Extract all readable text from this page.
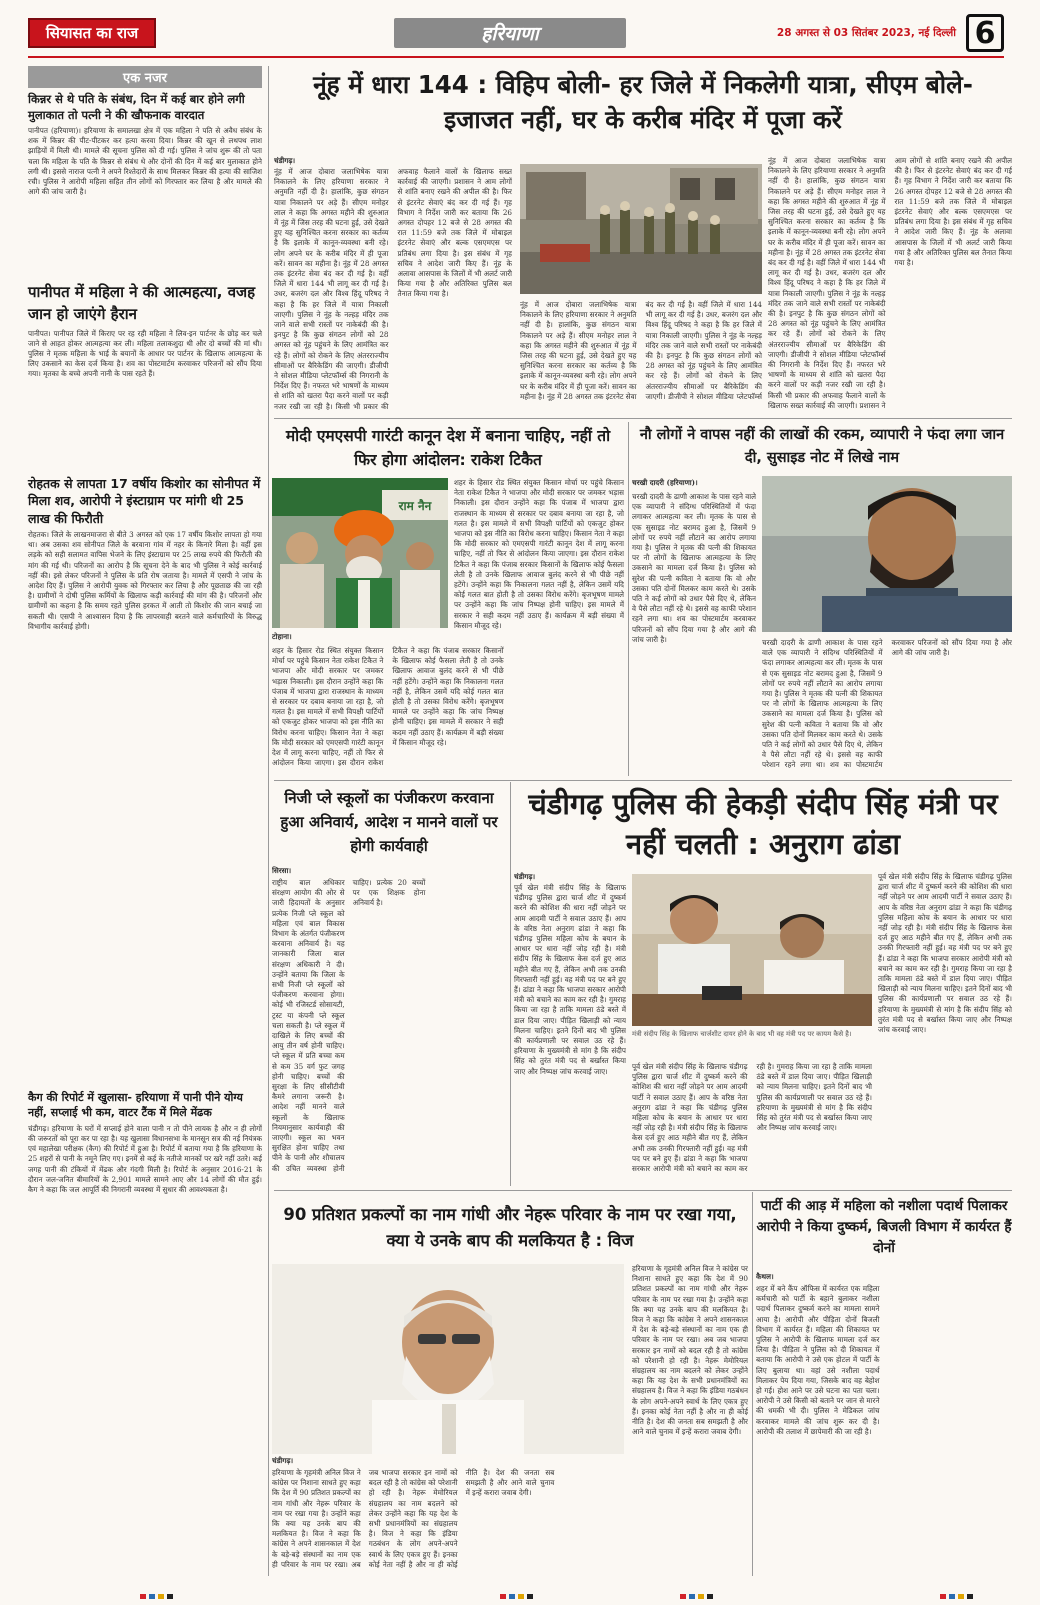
सियासत का राज	हरियाणा	28 अगस्त से 03 सितंबर 2023, नई दिल्ली 6
एक नजर
किन्नर से थे पति के संबंध, दिन में कई बार होने लगी मुलाकात तो पत्नी ने की खौफनाक वारदात
पानीपत (हरियाणा)। हरियाणा के समालखा क्षेत्र में एक महिला ने पति से अवैध संबंध के शक में किन्नर की पीट-पीटकर कर हत्या करवा दिया। किन्नर की खून से लथपथ लाश झाड़ियों में मिली थी। मामले की सूचना पुलिस को दी गई। पुलिस ने जांच शुरू की तो पता चला कि महिला के पति के किन्नर से संबंध थे और दोनों की दिन में कई बार मुलाकात होने लगी थी। इससे नाराज पत्नी ने अपने रिश्तेदारों के साथ मिलकर किन्नर की हत्या की साजिश रची। पुलिस ने आरोपी महिला सहित तीन लोगों को गिरफ्तार कर लिया है और मामले की आगे की जांच जारी है।
पानीपत में महिला ने की आत्महत्या, वजह जान हो जाएंगे हैरान
पानीपत। पानीपत जिले में किराए पर रह रही महिला ने लिव-इन पार्टनर के छोड़ कर चले जाने से आहत होकर आत्महत्या कर ली। महिला तलाकशुदा थी और दो बच्चों की मां थी। पुलिस ने मृतक महिला के भाई के बयानों के आधार पर पार्टनर के खिलाफ आत्महत्या के लिए उकसाने का केस दर्ज किया है। शव का पोस्टमार्टम करवाकर परिजनों को सौंप दिया गया। मृतका के बच्चे अपनी नानी के पास रहते हैं।
रोहतक से लापता 17 वर्षीय किशोर का सोनीपत में मिला शव, आरोपी ने इंस्टाग्राम पर मांगी थी 25 लाख की फिरौती
रोहतक। जिले के लाखनमाजरा से बीते 3 अगस्त को एक 17 वर्षीय किशोर लापता हो गया था। अब उसका शव सोनीपत जिले के बरवाना गांव में नहर के किनारे मिला है। वहीं इस लड़के को सही सलामत वापिस भेजने के लिए इंस्टाग्राम पर 25 लाख रुपये की फिरौती की मांग की गई थी। परिजनों का आरोप है कि सूचना देने के बाद भी पुलिस ने कोई कार्रवाई नहीं की। इसे लेकर परिजनों ने पुलिस के प्रति रोष जताया है। मामले में एसपी ने जांच के आदेश दिए हैं। पुलिस ने आरोपी युवक को गिरफ्तार कर लिया है और पूछताछ की जा रही है। ग्रामीणों ने दोषी पुलिस कर्मियों के खिलाफ कड़ी कार्रवाई की मांग की है। परिजनों और ग्रामीणों का कहना है कि समय रहते पुलिस हरकत में आती तो किशोर की जान बचाई जा सकती थी। एसपी ने आश्वासन दिया है कि लापरवाही बरतने वाले कर्मचारियों के विरुद्ध विभागीय कार्रवाई होगी।
कैग की रिपोर्ट में खुलासा- हरियाणा में पानी पीने योग्य नहीं, सप्लाई भी कम, वाटर टैंक में मिले मेंढक
चंडीगढ़। हरियाणा के घरों में सप्लाई होने वाला पानी न तो पीने लायक है और न ही लोगों की जरूरतों को पूरा कर पा रहा है। यह खुलासा विधानसभा के मानसून सत्र की नई नियंत्रक एवं महालेखा परीक्षक (कैग) की रिपोर्ट में हुआ है। रिपोर्ट में बताया गया है कि हरियाणा के 25 शहरों से पानी के नमूने लिए गए। इनमें से कई के नतीजे मानकों पर खरे नहीं उतरे। कई जगह पानी की टंकियों में मेंढक और गंदगी मिली है। रिपोर्ट के अनुसार 2016-21 के दौरान जल-जनित बीमारियों के 2,901 मामले सामने आए और 14 लोगों की मौत हुई। कैग ने कहा कि जल आपूर्ति की निगरानी व्यवस्था में सुधार की आवश्यकता है।
नूंह में धारा 144 : विहिप बोली- हर जिले में निकलेगी यात्रा, सीएम बोले- इजाजत नहीं, घर के करीब मंदिर में पूजा करें
चंडीगढ़।
नूंह में आज दोबारा जलाभिषेक यात्रा निकालने के लिए हरियाणा सरकार ने अनुमति नहीं दी है। हालांकि, कुछ संगठन यात्रा निकालने पर अड़े हैं। सीएम मनोहर लाल ने कहा कि अगस्त महीने की शुरुआत में नूंह में जिस तरह की घटना हुई, उसे देखते हुए यह सुनिश्चित करना सरकार का कर्तव्य है कि इलाके में कानून-व्यवस्था बनी रहे। लोग अपने घर के करीब मंदिर में ही पूजा करें। सावन का महीना है। नूंह में 28 अगस्त तक इंटरनेट सेवा बंद कर दी गई है। वहीं जिले में धारा 144 भी लागू कर दी गई है। उधर, बजरंग दल और विश्व हिंदू परिषद ने कहा है कि हर जिले में यात्रा निकाली जाएगी। पुलिस ने नूंह के नल्हड़ मंदिर तक जाने वाले सभी रास्तों पर नाकेबंदी की है। इनपुट है कि कुछ संगठन लोगों को 28 अगस्त को नूंह पहुंचने के लिए आमंत्रित कर रहे हैं। लोगों को रोकने के लिए अंतरराज्यीय सीमाओं पर बैरिकेडिंग की जाएगी। डीजीपी ने सोशल मीडिया प्लेटफॉर्म्स की निगरानी के निर्देश दिए हैं। नफरत भरे भाषणों के माध्यम से शांति को खतरा पैदा करने वालों पर कड़ी नजर रखी जा रही है। किसी भी प्रकार की अफवाह फैलाने वालों के खिलाफ सख्त कार्रवाई की जाएगी। प्रशासन ने आम लोगों से शांति बनाए रखने की अपील की है। फिर से इंटरनेट सेवाएं बंद कर दी गई हैं। गृह विभाग ने निर्देश जारी कर बताया कि 26 अगस्त दोपहर 12 बजे से 28 अगस्त की रात 11:59 बजे तक जिले में मोबाइल इंटरनेट सेवाएं और बल्क एसएमएस पर प्रतिबंध लगा दिया है। इस संबंध में गृह सचिव ने आदेश जारी किए हैं। नूंह के अलावा आसपास के जिलों में भी अलर्ट जारी किया गया है और अतिरिक्त पुलिस बल तैनात किया गया है।
नूंह में आज दोबारा जलाभिषेक यात्रा निकालने के लिए हरियाणा सरकार ने अनुमति नहीं दी है। हालांकि, कुछ संगठन यात्रा निकालने पर अड़े हैं। सीएम मनोहर लाल ने कहा कि अगस्त महीने की शुरुआत में नूंह में जिस तरह की घटना हुई, उसे देखते हुए यह सुनिश्चित करना सरकार का कर्तव्य है कि इलाके में कानून-व्यवस्था बनी रहे। लोग अपने घर के करीब मंदिर में ही पूजा करें। सावन का महीना है। नूंह में 28 अगस्त तक इंटरनेट सेवा बंद कर दी गई है। वहीं जिले में धारा 144 भी लागू कर दी गई है। उधर, बजरंग दल और विश्व हिंदू परिषद ने कहा है कि हर जिले में यात्रा निकाली जाएगी। पुलिस ने नूंह के नल्हड़ मंदिर तक जाने वाले सभी रास्तों पर नाकेबंदी की है। इनपुट है कि कुछ संगठन लोगों को 28 अगस्त को नूंह पहुंचने के लिए आमंत्रित कर रहे हैं। लोगों को रोकने के लिए अंतरराज्यीय सीमाओं पर बैरिकेडिंग की जाएगी। डीजीपी ने सोशल मीडिया प्लेटफॉर्म्स की निगरानी के निर्देश दिए हैं। नफरत भरे भाषणों के माध्यम से शांति को खतरा पैदा करने वालों पर कड़ी नजर रखी जा रही है। किसी भी प्रकार की अफवाह फैलाने वालों के खिलाफ सख्त कार्रवाई की जाएगी। प्रशासन ने आम लोगों से शांति बनाए रखने की अपील की है। फिर से इंटरनेट सेवाएं बंद कर दी गई हैं। गृह विभाग ने निर्देश जारी कर बताया कि 26 अगस्त दोपहर 12 बजे से 28 अगस्त की रात 11:59 बजे तक जिले में मोबाइल इंटरनेट सेवाएं और बल्क एसएमएस पर प्रतिबंध लगा दिया है। इस संबंध में गृह सचिव ने आदेश जारी किए हैं। नूंह के अलावा आसपास के जिलों में भी अलर्ट जारी किया गया है और अतिरिक्त पुलिस बल तैनात किया गया है।
नूंह में आज दोबारा जलाभिषेक यात्रा निकालने के लिए हरियाणा सरकार ने अनुमति नहीं दी है। हालांकि, कुछ संगठन यात्रा निकालने पर अड़े हैं। सीएम मनोहर लाल ने कहा कि अगस्त महीने की शुरुआत में नूंह में जिस तरह की घटना हुई, उसे देखते हुए यह सुनिश्चित करना सरकार का कर्तव्य है कि इलाके में कानून-व्यवस्था बनी रहे। लोग अपने घर के करीब मंदिर में ही पूजा करें। सावन का महीना है। नूंह में 28 अगस्त तक इंटरनेट सेवा बंद कर दी गई है। वहीं जिले में धारा 144 भी लागू कर दी गई है। उधर, बजरंग दल और विश्व हिंदू परिषद ने कहा है कि हर जिले में यात्रा निकाली जाएगी। पुलिस ने नूंह के नल्हड़ मंदिर तक जाने वाले सभी रास्तों पर नाकेबंदी की है। इनपुट है कि कुछ संगठन लोगों को 28 अगस्त को नूंह पहुंचने के लिए आमंत्रित कर रहे हैं। लोगों को रोकने के लिए अंतरराज्यीय सीमाओं पर बैरिकेडिंग की जाएगी। डीजीपी ने सोशल मीडिया प्लेटफॉर्म्स
मोदी एमएसपी गारंटी कानून देश में बनाना चाहिए, नहीं तो फिर होगा आंदोलन: राकेश टिकैत
राम नैन
टोहाना।
शहर के हिसार रोड स्थित संयुक्त किसान मोर्चा पर पहुंचे किसान नेता राकेश टिकैत ने भाजपा और मोदी सरकार पर जमकर भड़ास निकाली। इस दौरान उन्होंने कहा कि पंजाब में भाजपा द्वारा राजस्थान के माध्यम से सरकार पर दबाव बनाया जा रहा है, जो गलत है। इस मामले में सभी विपक्षी पार्टियों को एकजुट होकर भाजपा को इस नीति का विरोध करना चाहिए। किसान नेता ने कहा कि मोदी सरकार को एमएसपी गारंटी कानून देश में लागू करना चाहिए, नहीं तो फिर से आंदोलन किया जाएगा। इस दौरान राकेश टिकैत ने कहा कि पंजाब सरकार किसानों के खिलाफ कोई फैसला लेती है तो उनके खिलाफ आवाज बुलंद करने से भी पीछे नहीं हटेंगे। उन्होंने कहा कि निकालना गलत नहीं है, लेकिन उसमें यदि कोई गलत बात होती है तो उसका विरोध करेंगे। बृजभूषण मामले पर उन्होंने कहा कि जांच निष्पक्ष होनी चाहिए। इस मामले में सरकार ने सही कदम नहीं उठाए हैं। कार्यक्रम में बड़ी संख्या में किसान मौजूद रहे।
शहर के हिसार रोड स्थित संयुक्त किसान मोर्चा पर पहुंचे किसान नेता राकेश टिकैत ने भाजपा और मोदी सरकार पर जमकर भड़ास निकाली। इस दौरान उन्होंने कहा कि पंजाब में भाजपा द्वारा राजस्थान के माध्यम से सरकार पर दबाव बनाया जा रहा है, जो गलत है। इस मामले में सभी विपक्षी पार्टियों को एकजुट होकर भाजपा को इस नीति का विरोध करना चाहिए। किसान नेता ने कहा कि मोदी सरकार को एमएसपी गारंटी कानून देश में लागू करना चाहिए, नहीं तो फिर से आंदोलन किया जाएगा। इस दौरान राकेश टिकैत ने कहा कि पंजाब सरकार किसानों के खिलाफ कोई फैसला लेती है तो उनके खिलाफ आवाज बुलंद करने से भी पीछे नहीं हटेंगे। उन्होंने कहा कि निकालना गलत नहीं है, लेकिन उसमें यदि कोई गलत बात होती है तो उसका विरोध करेंगे। बृजभूषण मामले पर उन्होंने कहा कि जांच निष्पक्ष होनी चाहिए। इस मामले में सरकार ने सही कदम नहीं उठाए हैं। कार्यक्रम में बड़ी संख्या में किसान मौजूद रहे।
नौ लोगों ने वापस नहीं की लाखों की रकम, व्यापारी ने फंदा लगा जान दी, सुसाइड नोट में लिखे नाम
चरखी दादरी (हरियाणा)।
चरखी दादरी के ढाणी आकाश के पास रहने वाले एक व्यापारी ने संदिग्ध परिस्थितियों में फंदा लगाकर आत्महत्या कर ली। मृतक के पास से एक सुसाइड नोट बरामद हुआ है, जिसमें 9 लोगों पर रुपये नहीं लौटाने का आरोप लगाया गया है। पुलिस ने मृतक की पत्नी की शिकायत पर नौ लोगों के खिलाफ आत्महत्या के लिए उकसाने का मामला दर्ज किया है। पुलिस को सुरेश की पत्नी कविता ने बताया कि वो और उसका पति दोनों मिलकर काम करते थे। उसके पति ने कई लोगों को उधार पैसे दिए थे, लेकिन वे पैसे लौटा नहीं रहे थे। इससे वह काफी परेशान रहने लगा था। शव का पोस्टमार्टम करवाकर परिजनों को सौंप दिया गया है और आगे की जांच जारी है।	चरखी दादरी के ढाणी आकाश के पास रहने वाले एक व्यापारी ने संदिग्ध परिस्थितियों में फंदा लगाकर आत्महत्या कर ली। मृतक के पास से एक सुसाइड नोट बरामद हुआ है, जिसमें 9 लोगों पर रुपये नहीं लौटाने का आरोप लगाया गया है। पुलिस ने मृतक की पत्नी की शिकायत पर नौ लोगों के खिलाफ आत्महत्या के लिए उकसाने का मामला दर्ज किया है। पुलिस को सुरेश की पत्नी कविता ने बताया कि वो और उसका पति दोनों मिलकर काम करते थे। उसके पति ने कई लोगों को उधार पैसे दिए थे, लेकिन वे पैसे लौटा नहीं रहे थे। इससे वह काफी परेशान रहने लगा था। शव का पोस्टमार्टम करवाकर परिजनों को सौंप दिया गया है और आगे की जांच जारी है।
निजी प्ले स्कूलों का पंजीकरण करवाना हुआ अनिवार्य, आदेश न मानने वालों पर होगी कार्यवाही
सिरसा।
राष्ट्रीय बाल अधिकार संरक्षण आयोग की ओर से जारी हिदायतों के अनुसार प्रत्येक निजी प्ले स्कूल को महिला एवं बाल विकास विभाग के अंतर्गत पंजीकरण करवाना अनिवार्य है। यह जानकारी जिला बाल संरक्षण अधिकारी ने दी। उन्होंने बताया कि जिला के सभी निजी प्ले स्कूलों को पंजीकरण करवाना होगा। कोई भी रजिस्टर्ड सोसायटी, ट्रस्ट या कंपनी प्ले स्कूल चला सकती है। प्ले स्कूल में दाखिले के लिए बच्चों की आयु तीन वर्ष होनी चाहिए। प्ले स्कूल में प्रति बच्चा कम से कम 35 वर्ग फुट जगह होनी चाहिए। बच्चों की सुरक्षा के लिए सीसीटीवी कैमरे लगाना जरूरी है। आदेश नहीं मानने वाले स्कूलों के खिलाफ नियमानुसार कार्यवाही की जाएगी। स्कूल का भवन सुरक्षित होना चाहिए तथा पीने के पानी और शौचालय की उचित व्यवस्था होनी चाहिए। प्रत्येक 20 बच्चों पर एक शिक्षक होना अनिवार्य है।
चंडीगढ़ पुलिस की हेकड़ी संदीप सिंह मंत्री पर नहीं चलती : अनुराग ढांडा
चंडीगढ़।
पूर्व खेल मंत्री संदीप सिंह के खिलाफ चंडीगढ़ पुलिस द्वारा चार्ज शीट में दुष्कर्म करने की कोशिश की धारा नहीं जोड़ने पर आम आदमी पार्टी ने सवाल उठाए हैं। आप के वरिष्ठ नेता अनुराग ढांडा ने कहा कि चंडीगढ़ पुलिस महिला कोच के बयान के आधार पर धारा नहीं जोड़ रही है। मंत्री संदीप सिंह के खिलाफ केस दर्ज हुए आठ महीने बीत गए हैं, लेकिन अभी तक उनकी गिरफ्तारी नहीं हुई। वह मंत्री पद पर बने हुए हैं। ढांडा ने कहा कि भाजपा सरकार आरोपी मंत्री को बचाने का काम कर रही है। गुमराह किया जा रहा है ताकि मामला ठंडे बस्ते में डाल दिया जाए। पीड़ित खिलाड़ी को न्याय मिलना चाहिए। इतने दिनों बाद भी पुलिस की कार्यप्रणाली पर सवाल उठ रहे हैं। हरियाणा के मुख्यमंत्री से मांग है कि संदीप सिंह को तुरंत मंत्री पद से बर्खास्त किया जाए और निष्पक्ष जांच करवाई जाए।
मंत्री संदीप सिंह के खिलाफ चार्जशीट दायर होने के बाद भी वह मंत्री पद पर कायम कैसे है।
पूर्व खेल मंत्री संदीप सिंह के खिलाफ चंडीगढ़ पुलिस द्वारा चार्ज शीट में दुष्कर्म करने की कोशिश की धारा नहीं जोड़ने पर आम आदमी पार्टी ने सवाल उठाए हैं। आप के वरिष्ठ नेता अनुराग ढांडा ने कहा कि चंडीगढ़ पुलिस महिला कोच के बयान के आधार पर धारा नहीं जोड़ रही है। मंत्री संदीप सिंह के खिलाफ केस दर्ज हुए आठ महीने बीत गए हैं, लेकिन अभी तक उनकी गिरफ्तारी नहीं हुई। वह मंत्री पद पर बने हुए हैं। ढांडा ने कहा कि भाजपा सरकार आरोपी मंत्री को बचाने का काम कर रही है। गुमराह किया जा रहा है ताकि मामला ठंडे बस्ते में डाल दिया जाए। पीड़ित खिलाड़ी को न्याय मिलना चाहिए। इतने दिनों बाद भी पुलिस की कार्यप्रणाली पर सवाल उठ रहे हैं। हरियाणा के मुख्यमंत्री से मांग है कि संदीप सिंह को तुरंत मंत्री पद से बर्खास्त किया जाए और निष्पक्ष जांच करवाई जाए।
पूर्व खेल मंत्री संदीप सिंह के खिलाफ चंडीगढ़ पुलिस द्वारा चार्ज शीट में दुष्कर्म करने की कोशिश की धारा नहीं जोड़ने पर आम आदमी पार्टी ने सवाल उठाए हैं। आप के वरिष्ठ नेता अनुराग ढांडा ने कहा कि चंडीगढ़ पुलिस महिला कोच के बयान के आधार पर धारा नहीं जोड़ रही है। मंत्री संदीप सिंह के खिलाफ केस दर्ज हुए आठ महीने बीत गए हैं, लेकिन अभी तक उनकी गिरफ्तारी नहीं हुई। वह मंत्री पद पर बने हुए हैं। ढांडा ने कहा कि भाजपा सरकार आरोपी मंत्री को बचाने का काम कर रही है। गुमराह किया जा रहा है ताकि मामला ठंडे बस्ते में डाल दिया जाए। पीड़ित खिलाड़ी को न्याय मिलना चाहिए। इतने दिनों बाद भी पुलिस की कार्यप्रणाली पर सवाल उठ रहे हैं। हरियाणा के मुख्यमंत्री से मांग है कि संदीप सिंह को तुरंत मंत्री पद से बर्खास्त किया जाए और निष्पक्ष जांच करवाई जाए।
90 प्रतिशत प्रकल्पों का नाम गांधी और नेहरू परिवार के नाम पर रखा गया, क्या ये उनके बाप की मलकियत है : विज
चंडीगढ़।
हरियाणा के गृहमंत्री अनिल विज ने कांग्रेस पर निशाना साधते हुए कहा कि देश में 90 प्रतिशत प्रकल्पों का नाम गांधी और नेहरू परिवार के नाम पर रखा गया है। उन्होंने कहा कि क्या यह उनके बाप की मलकियत है। विज ने कहा कि कांग्रेस ने अपने शासनकाल में देश के बड़े-बड़े संस्थानों का नाम एक ही परिवार के नाम पर रखा। अब जब भाजपा सरकार इन नामों को बदल रही है तो कांग्रेस को परेशानी हो रही है। नेहरू मेमोरियल संग्रहालय का नाम बदलने को लेकर उन्होंने कहा कि यह देश के सभी प्रधानमंत्रियों का संग्रहालय है। विज ने कहा कि इंडिया गठबंधन के लोग अपने-अपने स्वार्थ के लिए एकत्र हुए हैं। इनका कोई नेता नहीं है और ना ही कोई नीति है। देश की जनता सब समझती है और आने वाले चुनाव में इन्हें करारा जवाब देगी।
हरियाणा के गृहमंत्री अनिल विज ने कांग्रेस पर निशाना साधते हुए कहा कि देश में 90 प्रतिशत प्रकल्पों का नाम गांधी और नेहरू परिवार के नाम पर रखा गया है। उन्होंने कहा कि क्या यह उनके बाप की मलकियत है। विज ने कहा कि कांग्रेस ने अपने शासनकाल में देश के बड़े-बड़े संस्थानों का नाम एक ही परिवार के नाम पर रखा। अब जब भाजपा सरकार इन नामों को बदल रही है तो कांग्रेस को परेशानी हो रही है। नेहरू मेमोरियल संग्रहालय का नाम बदलने को लेकर उन्होंने कहा कि यह देश के सभी प्रधानमंत्रियों का संग्रहालय है। विज ने कहा कि इंडिया गठबंधन के लोग अपने-अपने स्वार्थ के लिए एकत्र हुए हैं। इनका कोई नेता नहीं है और ना ही कोई नीति है। देश की जनता सब समझती है और आने वाले चुनाव में इन्हें करारा जवाब देगी।
पार्टी की आड़ में महिला को नशीला पदार्थ पिलाकर आरोपी ने किया दुष्कर्म, बिजली विभाग में कार्यरत हैं दोनों
कैथल।
शहर में बने कैंप ऑफिस में कार्यरत एक महिला कर्मचारी को पार्टी के बहाने बुलाकर नशीला पदार्थ पिलाकर दुष्कर्म करने का मामला सामने आया है। आरोपी और पीड़िता दोनों बिजली विभाग में कार्यरत हैं। महिला की शिकायत पर पुलिस ने आरोपी के खिलाफ मामला दर्ज कर लिया है। पीड़िता ने पुलिस को दी शिकायत में बताया कि आरोपी ने उसे एक होटल में पार्टी के लिए बुलाया था। वहां उसे नशीला पदार्थ मिलाकर पेय दिया गया, जिसके बाद वह बेहोश हो गई। होश आने पर उसे घटना का पता चला। आरोपी ने उसे किसी को बताने पर जान से मारने की धमकी भी दी। पुलिस ने मेडिकल जांच करवाकर मामले की जांच शुरू कर दी है। आरोपी की तलाश में छापेमारी की जा रही है।
